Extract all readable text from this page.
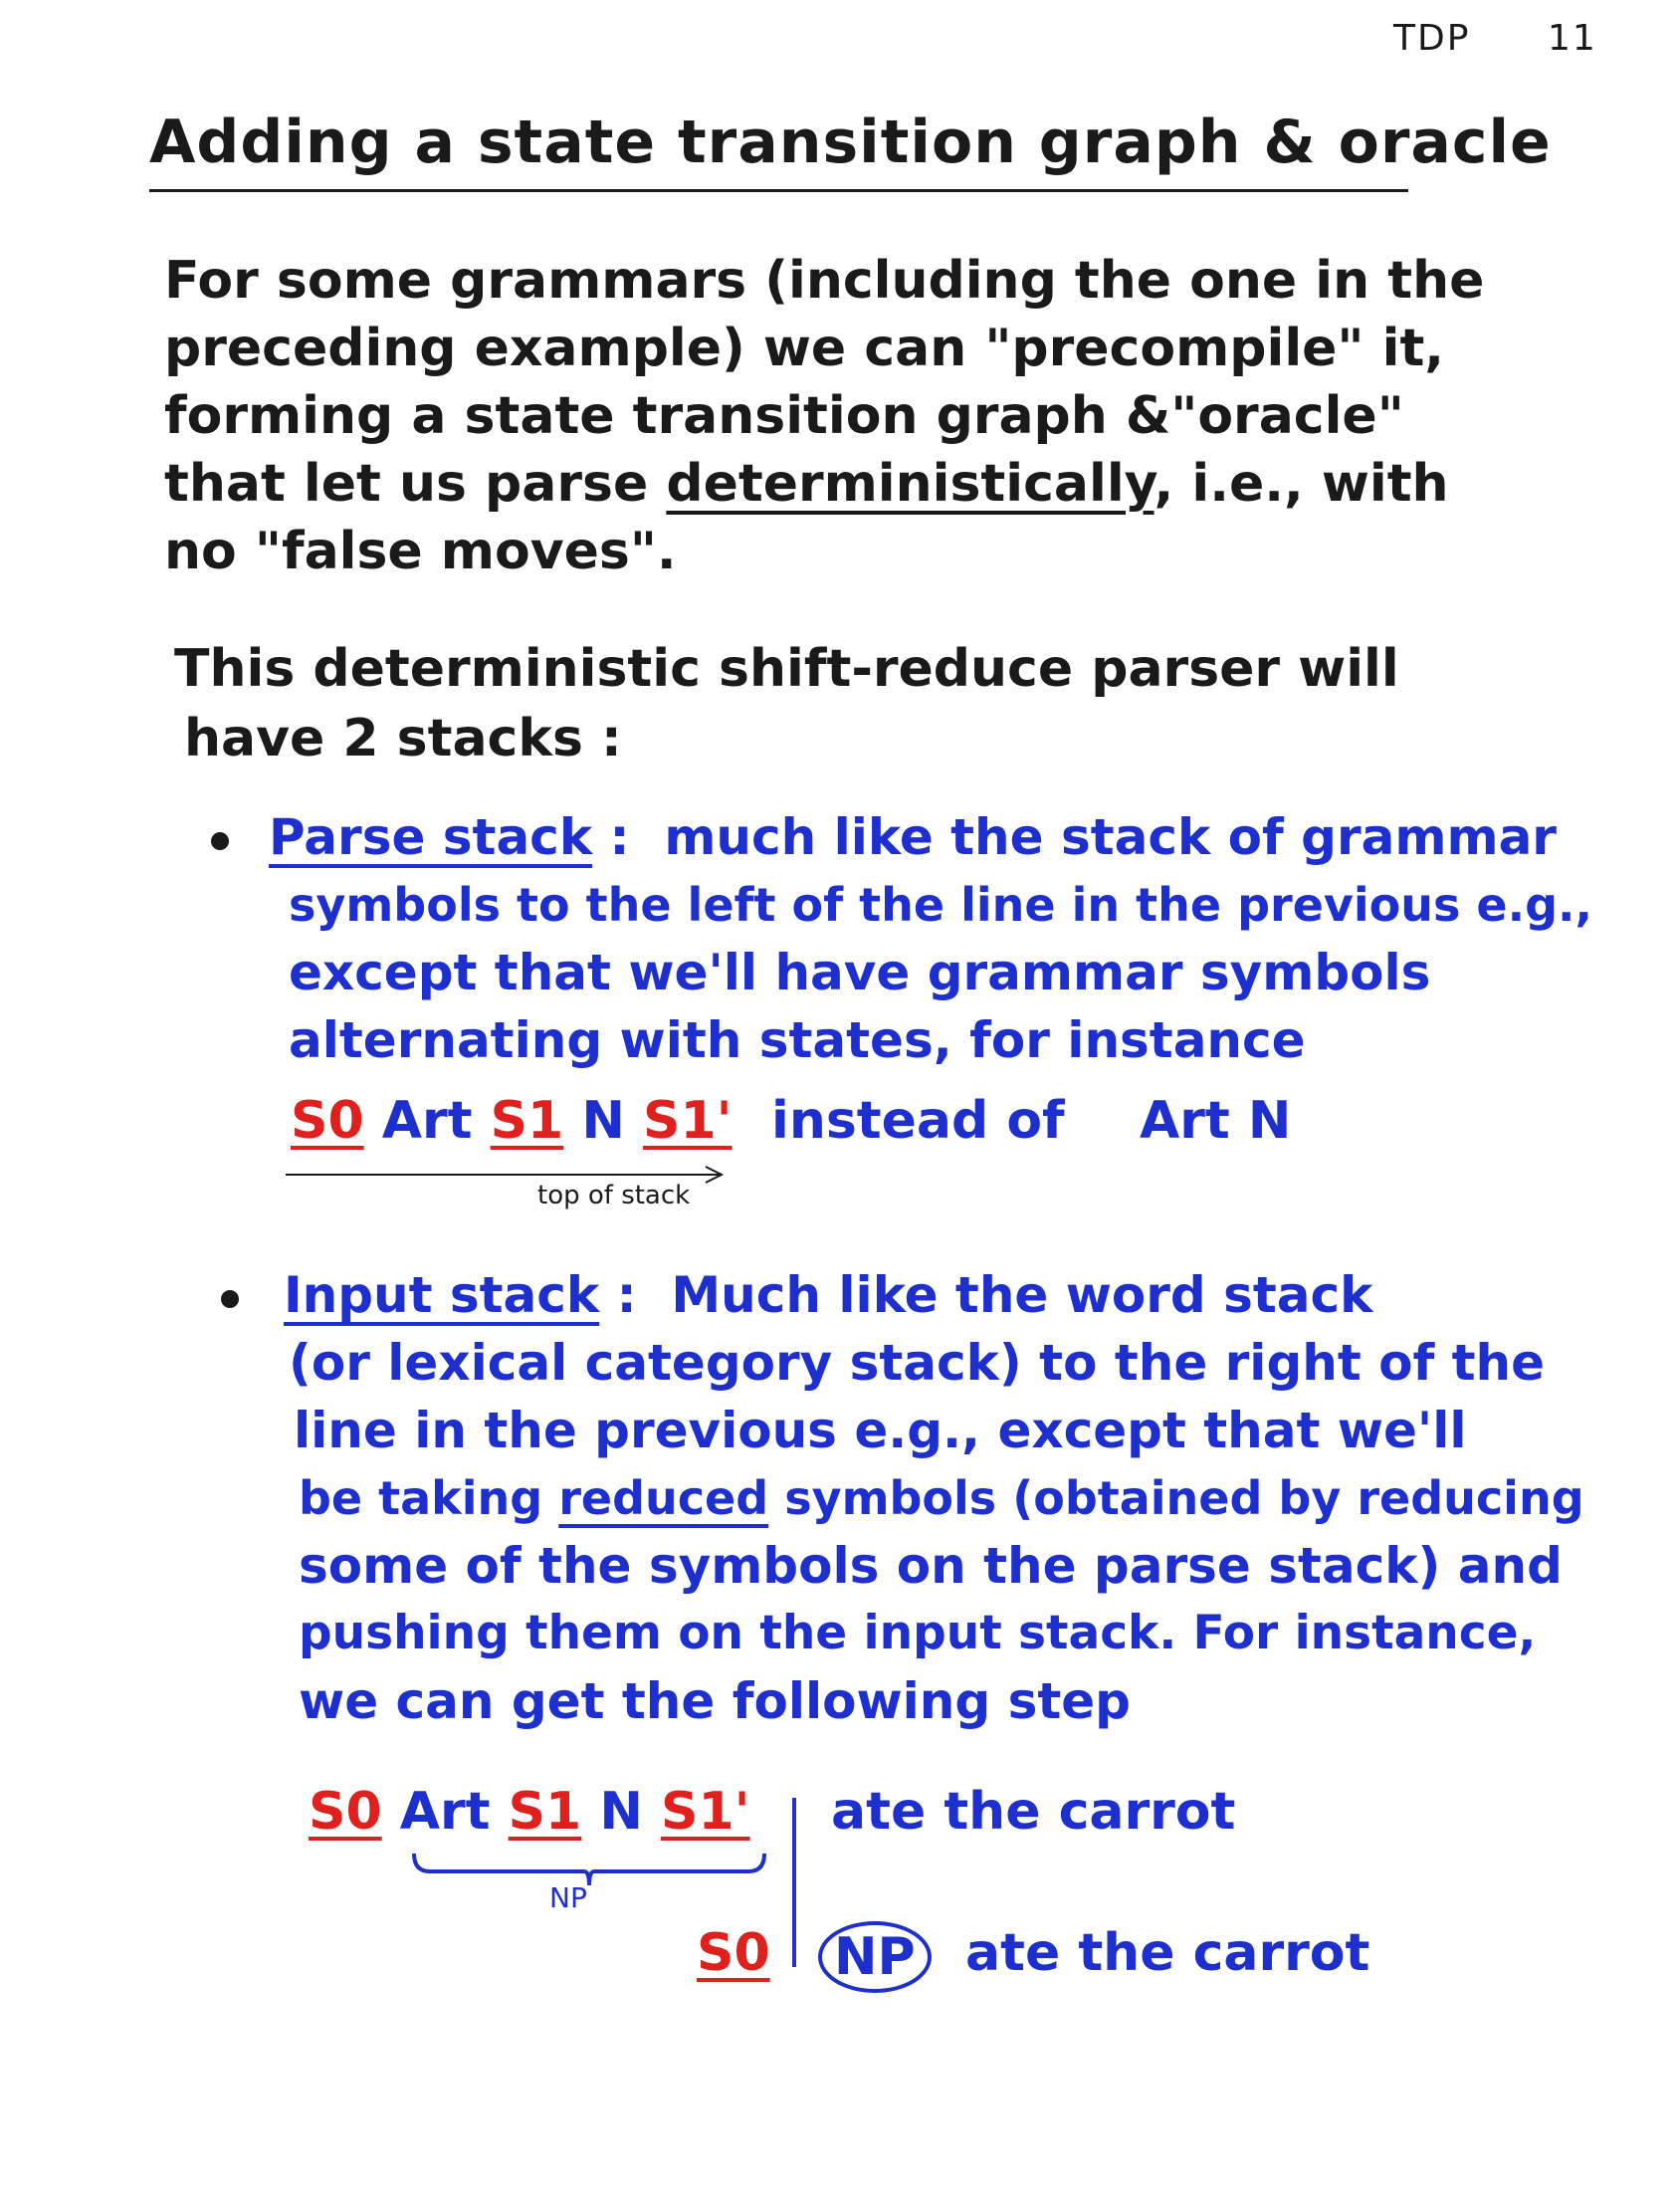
TDP 11
Adding a state transition graph & oracle
For some grammars (including the one in the
preceding example) we can "precompile" it,
forming a state transition graph &"oracle"
that let us parse deterministically, i.e., with
no "false moves".
This deterministic shift-reduce parser will
have 2 stacks :
Parse stack : much like the stack of grammar
symbols to the left of the line in the previous e.g.,
except that we'll have grammar symbols
alternating with states, for instance
S0 Art S1 N S1' instead of Art N
top of stack
Input stack : Much like the word stack
(or lexical category stack) to the right of the
line in the previous e.g., except that we'll
be taking reduced symbols (obtained by reducing
some of the symbols on the parse stack) and
pushing them on the input stack. For instance,
we can get the following step
S0 Art S1 N S1' ate the carrot
NP
S0	NP ate the carrot
